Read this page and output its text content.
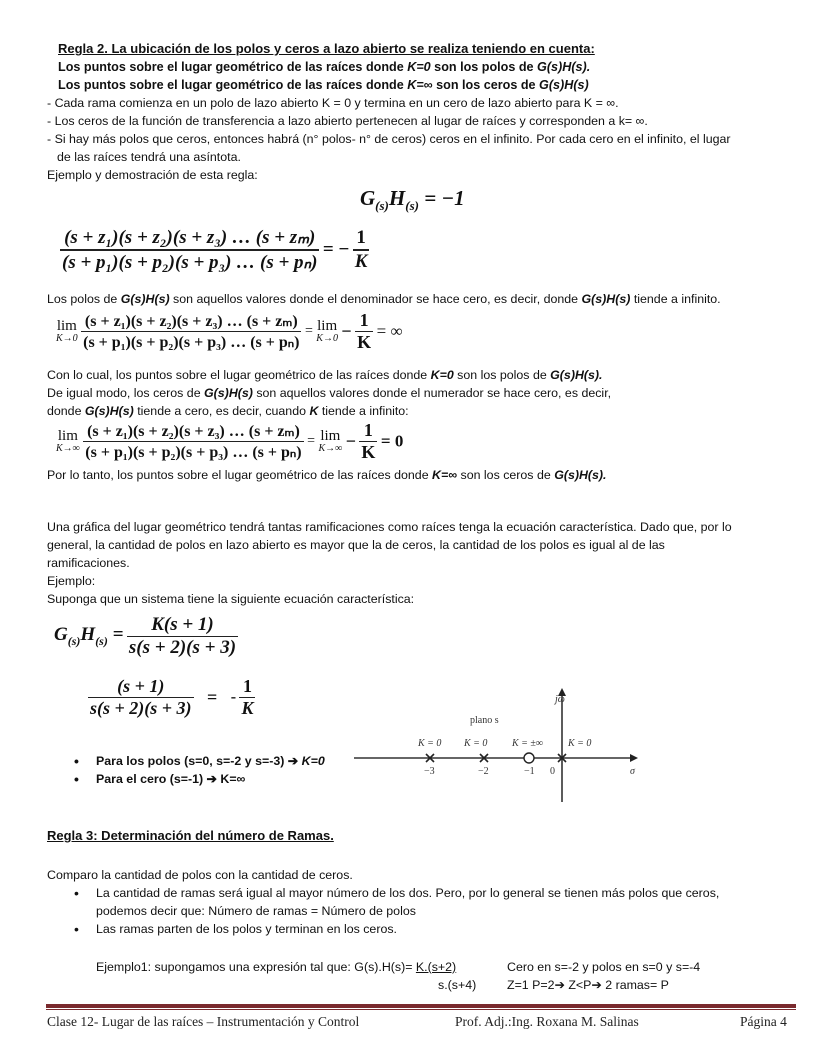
Regla 2. La ubicación de los polos y ceros a lazo abierto se realiza teniendo en cuenta:
Los puntos sobre el lugar geométrico de las raíces donde K=0 son los polos de G(s)H(s).
Los puntos sobre el lugar geométrico de las raíces donde K=∞ son los ceros de G(s)H(s)
- Cada rama comienza en un polo de lazo abierto K = 0 y termina en un cero de lazo abierto para K = ∞.
- Los ceros de la función de transferencia a lazo abierto pertenecen al lugar de raíces y corresponden a k= ∞.
- Si hay más polos que ceros, entonces habrá (n° polos- n° de ceros) ceros en el infinito. Por cada cero en el infinito, el lugar
de las raíces tendrá una asíntota.
Ejemplo y demostración de esta regla:
$G_{(s)}H_{(s)} = -1$
$\frac{\text{(s + z₁)(s + z₂)(s + z₃) … (s + zₘ)}}{\text{(s + p₁)(s + p₂)(s + p₃) … (s + pₙ)}}$ = − $\frac{1}{K}$
Los polos de G(s)H(s) son aquellos valores donde el denominador se hace cero, es decir, donde G(s)H(s) tiende a infinito.
lim
K→0
$\frac{\text{(s + z₁)(s + z₂)(s + z₃) … (s + zₘ)}}{\text{(s + p₁)(s + p₂)(s + p₃) … (s + pₙ)}} = \lim$
$K\to 0 - \frac{1}{K}$ = ∞
Con lo cual, los puntos sobre el lugar geométrico de las raíces donde K=0 son los polos de G(s)H(s).
De igual modo, los ceros de G(s)H(s) son aquellos valores donde el numerador se hace cero, es decir,
donde G(s)H(s) tiende a cero, es decir, cuando K tiende a infinito:
lim
K→∞
$\frac{\text{(s + z₁)(s + z₂)(s + z₃) … (s + zₘ)}}{\text{(s + p₁)(s + p₂)(s + p₃) … (s + pₙ)}} = \lim$
$K\to\infty - \frac{1}{K} = 0$
Por lo tanto, los puntos sobre el lugar geométrico de las raíces donde K=∞ son los ceros de G(s)H(s).
Una gráfica del lugar geométrico tendrá tantas ramificaciones como raíces tenga la ecuación característica. Dado que, por lo
general, la cantidad de polos en lazo abierto es mayor que la de ceros, la cantidad de los polos es igual al de las
ramificaciones.
Ejemplo:
Suponga que un sistema tiene la siguiente ecuación característica:
$G_{(s)}H_{(s)} = \frac{K(s + 1)}{s(s + 2)(s + 3)}$
$\frac{(s + 1)}{s(s + 2)(s + 3)}$ = - $\frac{1}{K}$
• Para los polos (s=0, s=-2 y s=-3) ➔ K=0
• Para el cero (s=-1) ➔ K=∞
jω
plano s
K = 0 K = 0 K = ±∞ K = 0
−3	−2	−1 0	σ
Regla 3: Determinación del número de Ramas.
Comparo la cantidad de polos con la cantidad de ceros.
• La cantidad de ramas será igual al mayor número de los dos. Pero, por lo general se tienen más polos que ceros,
podemos decir que: Número de ramas = Número de polos
• Las ramas parten de los polos y terminan en los ceros.
Ejemplo1: supongamos una expresión tal que: G(s).H(s)= K.(s+2)	Cero en s=-2 y polos en s=0 y s=-4
s.(s+4) Z=1 P=2➔ Z<P➔ 2 ramas= P
Clase 12- Lugar de las raíces – Instrumentación y Control	Prof. Adj.:Ing. Roxana M. Salinas	Página 4
